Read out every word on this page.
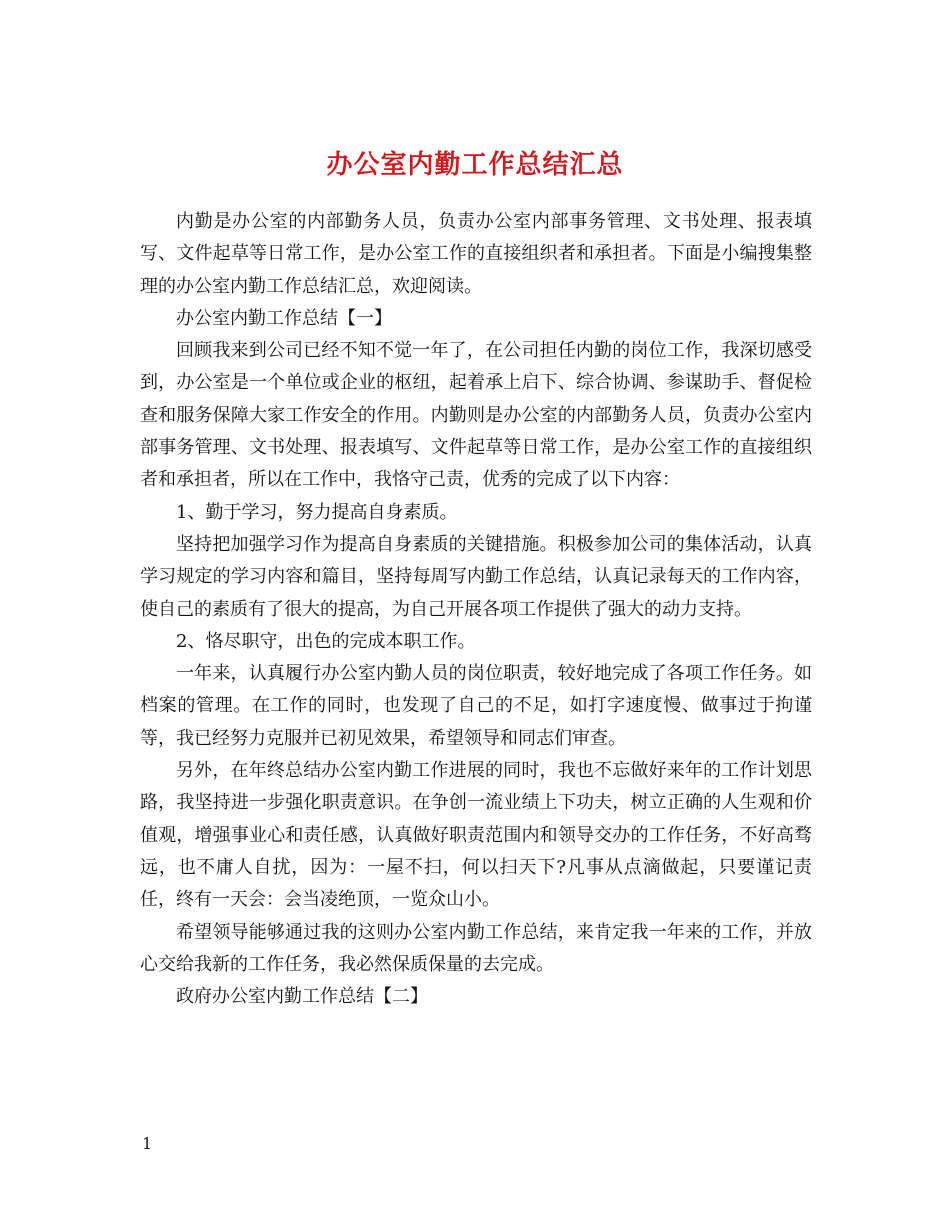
办公室内勤工作总结汇总

内勤是办公室的内部勤务人员，负责办公室内部事务管理、文书处理、报表填写、文件起草等日常工作，是办公室工作的直接组织者和承担者。下面是小编搜集整理的办公室内勤工作总结汇总，欢迎阅读。

办公室内勤工作总结【一】

回顾我来到公司已经不知不觉一年了，在公司担任内勤的岗位工作，我深切感受到，办公室是一个单位或企业的枢纽，起着承上启下、综合协调、参谋助手、督促检查和服务保障大家工作安全的作用。内勤则是办公室的内部勤务人员，负责办公室内部事务管理、文书处理、报表填写、文件起草等日常工作，是办公室工作的直接组织者和承担者，所以在工作中，我恪守己责，优秀的完成了以下内容：

1、勤于学习，努力提高自身素质。

坚持把加强学习作为提高自身素质的关键措施。积极参加公司的集体活动，认真学习规定的学习内容和篇目，坚持每周写内勤工作总结，认真记录每天的工作内容，使自己的素质有了很大的提高，为自己开展各项工作提供了强大的动力支持。

2、恪尽职守，出色的完成本职工作。

一年来，认真履行办公室内勤人员的岗位职责，较好地完成了各项工作任务。如档案的管理。在工作的同时，也发现了自己的不足，如打字速度慢、做事过于拘谨等，我已经努力克服并已初见效果，希望领导和同志们审查。

另外，在年终总结办公室内勤工作进展的同时，我也不忘做好来年的工作计划思路，我坚持进一步强化职责意识。在争创一流业绩上下功夫，树立正确的人生观和价值观，增强事业心和责任感，认真做好职责范围内和领导交办的工作任务，不好高骛远，也不庸人自扰，因为：一屋不扫，何以扫天下?凡事从点滴做起，只要谨记责任，终有一天会：会当凌绝顶，一览众山小。

希望领导能够通过我的这则办公室内勤工作总结，来肯定我一年来的工作，并放心交给我新的工作任务，我必然保质保量的去完成。

政府办公室内勤工作总结【二】

1
